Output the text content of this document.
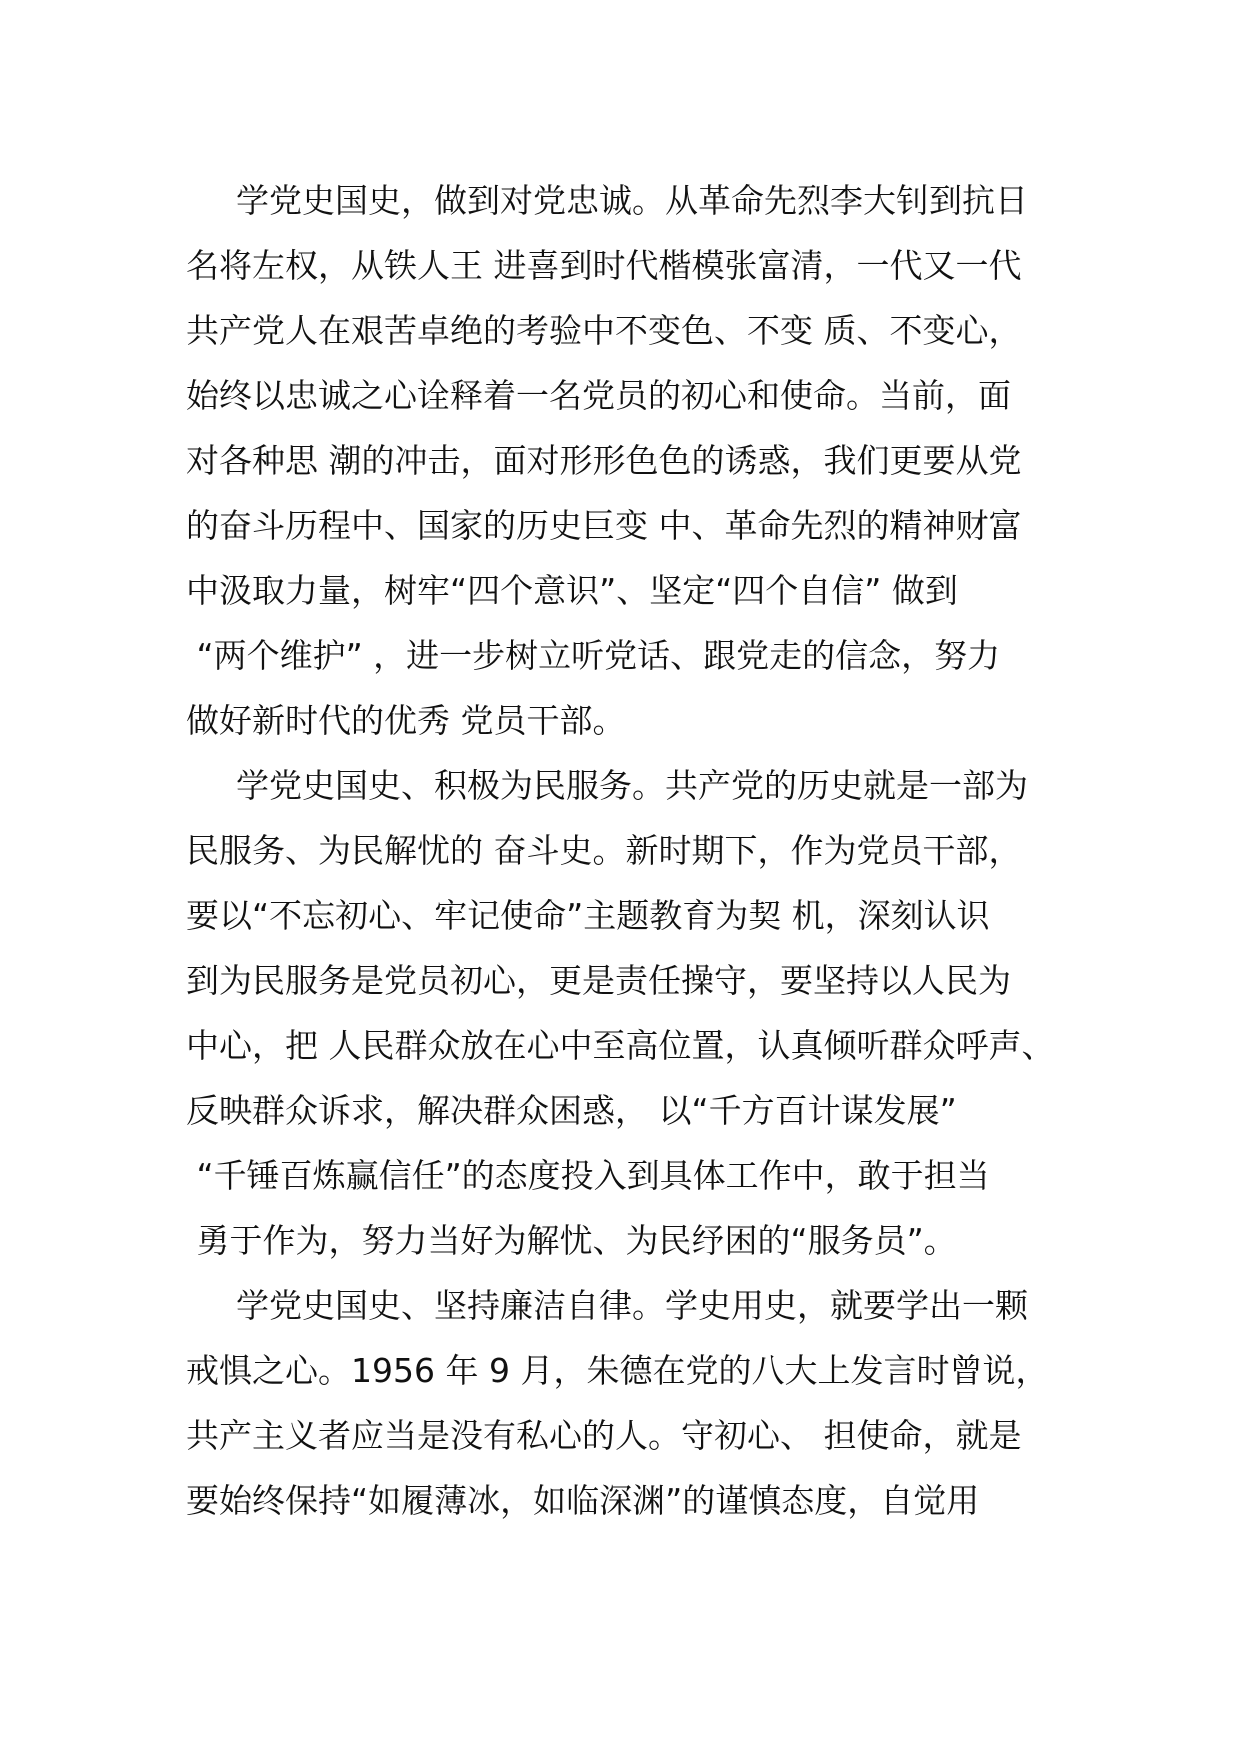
学党史国史，做到对党忠诚。从革命先烈李大钊到抗日
名将左权，从铁人王 进喜到时代楷模张富清，一代又一代
共产党人在艰苦卓绝的考验中不变色、不变 质、不变心，
始终以忠诚之心诠释着一名党员的初心和使命。当前，面
对各种思 潮的冲击，面对形形色色的诱惑，我们更要从党
的奋斗历程中、国家的历史巨变 中、革命先烈的精神财富
中汲取力量，树牢“四个意识”、坚定“四个自信” 做到
“两个维护” ，进一步树立听党话、跟党走的信念，努力
做好新时代的优秀 党员干部。
学党史国史、积极为民服务。共产党的历史就是一部为
民服务、为民解忧的 奋斗史。新时期下，作为党员干部，
要以“不忘初心、牢记使命”主题教育为契 机，深刻认识
到为民服务是党员初心，更是责任操守，要坚持以人民为
中心，把 人民群众放在心中至高位置，认真倾听群众呼声、
反映群众诉求，解决群众困惑， 以“千方百计谋发展”
“千锤百炼赢信任”的态度投入到具体工作中，敢于担当
勇于作为，努力当好为解忧、为民纾困的“服务员”。
学党史国史、坚持廉洁自律。学史用史，就要学出一颗
戒惧之心。1956 年 9 月，朱德在党的八大上发言时曾说，
共产主义者应当是没有私心的人。守初心、 担使命，就是
要始终保持“如履薄冰，如临深渊”的谨慎态度，自觉用
